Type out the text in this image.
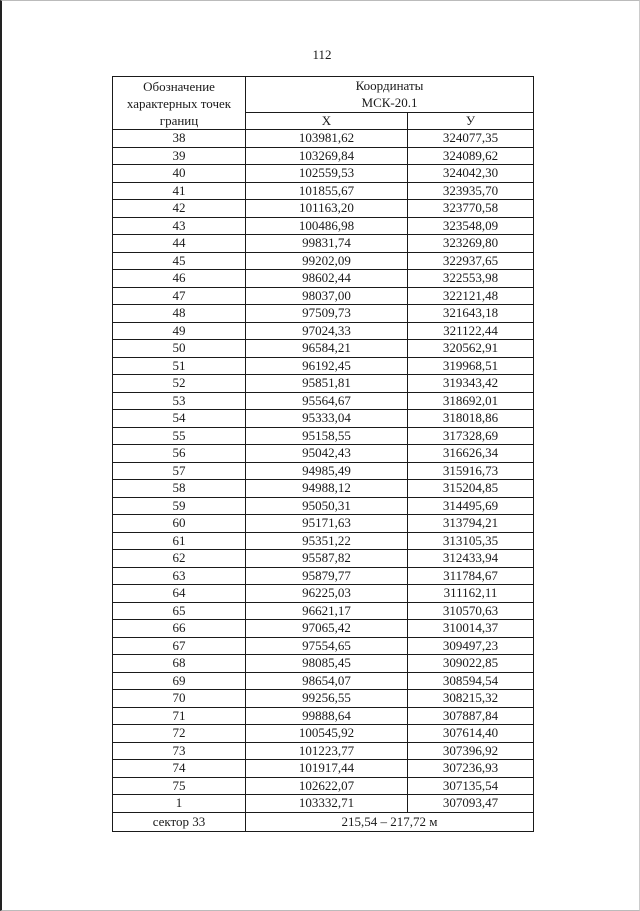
112
Обозначение характерных точек границ	Координаты
МСК-20.1	

	Х	У
38	103981,62	324077,35
39	103269,84	324089,62
40	102559,53	324042,30
41	101855,67	323935,70
42	101163,20	323770,58
43	100486,98	323548,09
44	99831,74	323269,80
45	99202,09	322937,65
46	98602,44	322553,98
47	98037,00	322121,48
48	97509,73	321643,18
49	97024,33	321122,44
50	96584,21	320562,91
51	96192,45	319968,51
52	95851,81	319343,42
53	95564,67	318692,01
54	95333,04	318018,86
55	95158,55	317328,69
56	95042,43	316626,34
57	94985,49	315916,73
58	94988,12	315204,85
59	95050,31	314495,69
60	95171,63	313794,21
61	95351,22	313105,35
62	95587,82	312433,94
63	95879,77	311784,67
64	96225,03	311162,11
65	96621,17	310570,63
66	97065,42	310014,37
67	97554,65	309497,23
68	98085,45	309022,85
69	98654,07	308594,54
70	99256,55	308215,32
71	99888,64	307887,84
72	100545,92	307614,40
73	101223,77	307396,92
74	101917,44	307236,93
75	102622,07	307135,54
1	103332,71	307093,47
сектор 33	215,54 – 217,72 м	
